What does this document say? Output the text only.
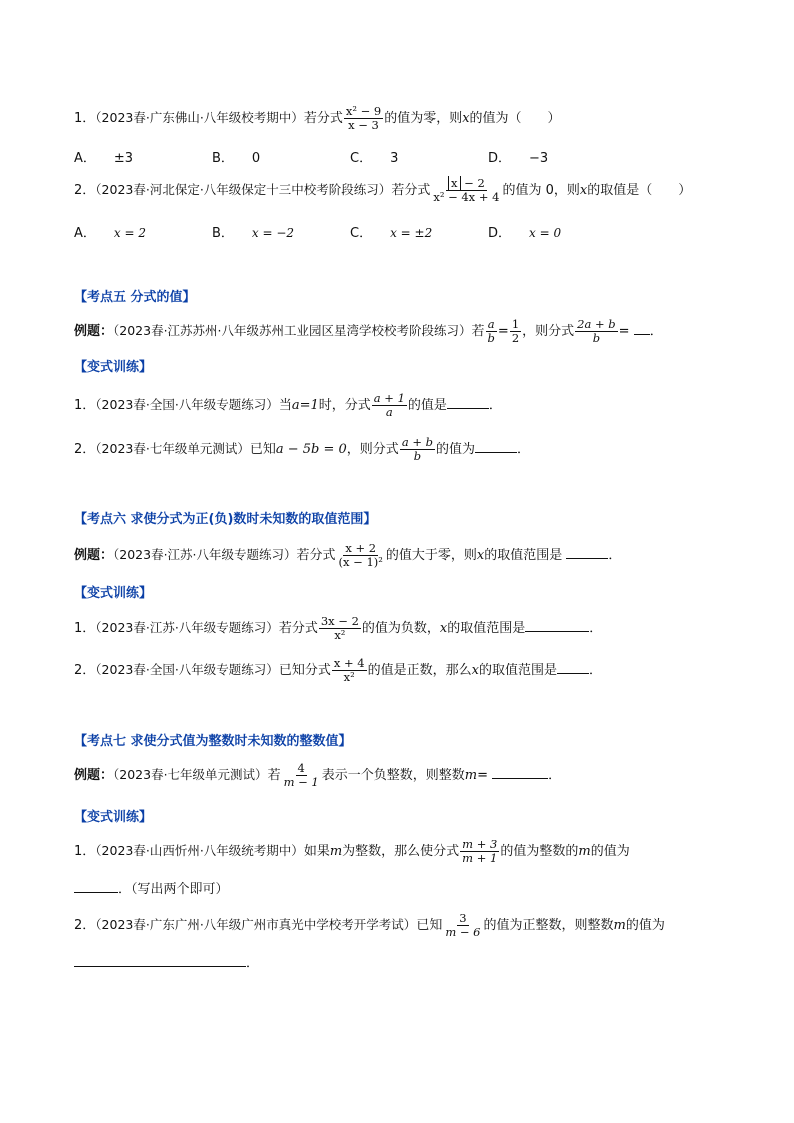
1．（2023春·广东佛山·八年级校考期中）若分式 $\frac{\text{x² − 9}}{x - 3}$ 的值为零，则x的值为（　　）
A． ±3	B． 0	C． 3	D． −3
2．（2023春·河北保定·八年级保定十三中校考阶段练习）若分式 $\frac{x - 2}{\text{x² − 4x + 4}}$ 的值为 0，则x的取值是（　　）
A． x = 2	B． x = −2	C． x = ±2	D． x = 0
【考点五 分式的值】
例题：（2023春·江苏苏州·八年级苏州工业园区星湾学校校考阶段练习）若 $\frac{a}{b} = \frac{1}{2}$ ，则分式 $\frac{2a + b}{b}$ = ．
【变式训练】
1．（2023春·全国·八年级专题练习）当a=1时，分式 $\frac{a + 1}{a}$ 的值是	．
2．（2023春·七年级单元测试）已知a − 5b = 0，则分式 $\frac{a + b}{b}$ 的值为	．
【考点六 求使分式为正(负)数时未知数的取值范围】
例题：（2023春·江苏·八年级专题练习）若分式 $\frac{x + 2}{\text{(x − 1)²}}$ 的值大于零，则x的取值范围是	．
【变式训练】
1．（2023春·江苏·八年级专题练习）若分式 $\frac{3x - 2}{\text{x²}}$ 的值为负数，x的取值范围是	．
2．（2023春·全国·八年级专题练习）已知分式 $\frac{x + 4}{\text{x²}}$ 的值是正数，那么x的取值范围是 ．
【考点七 求使分式值为整数时未知数的整数值】
例题：（2023春·七年级单元测试）若 $\frac{4}{m - 1}$ 表示一个负整数，则整数m=	．
【变式训练】
1．（2023春·山西忻州·八年级统考期中）如果m为整数，那么使分式 $\frac{m + 3}{m + 1}$ 的值为整数的m的值为
．（写出两个即可）
2．（2023春·广东广州·八年级广州市真光中学校考开学考试）已知 $\frac{3}{m - 6}$ 的值为正整数，则整数m的值为
．
